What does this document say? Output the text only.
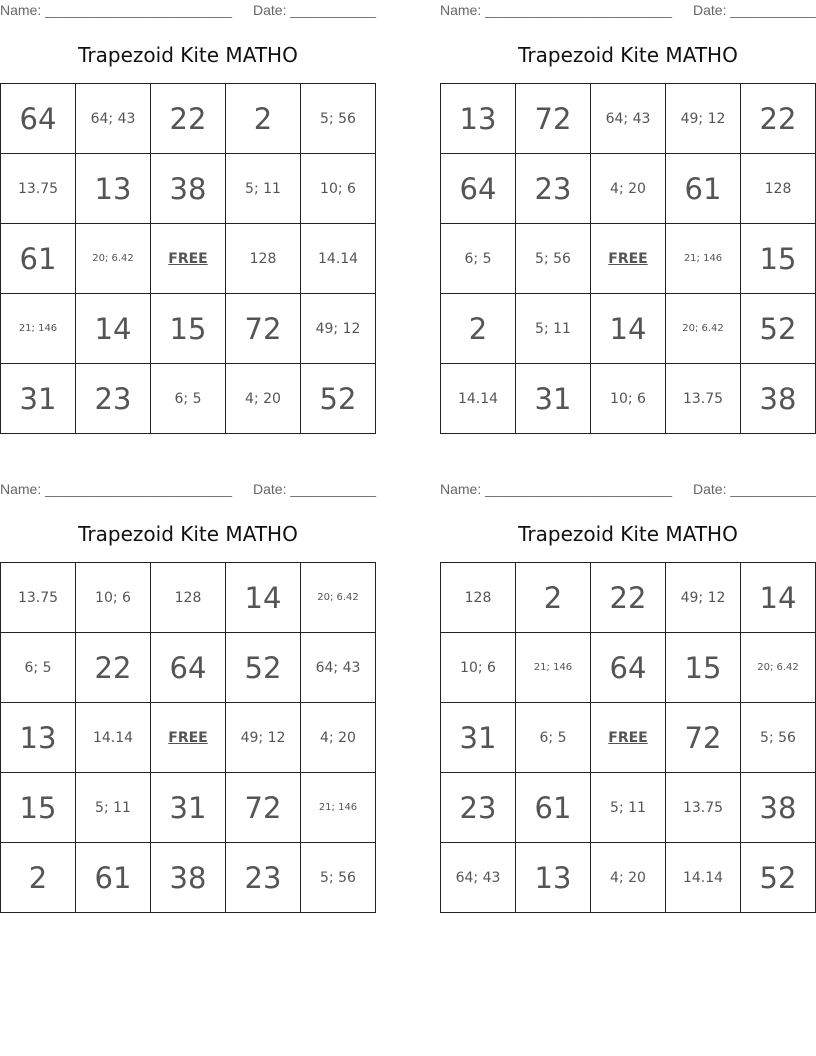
Name: ________________________ Date: ___________
Trapezoid Kite MATHO
64	64; 43	22	2	5; 56
13.75	13	38	5; 11	10; 6
61	20; 6.42	FREE	128	14.14
21; 146	14	15	72	49; 12
31	23	6; 5	4; 20	52
Name: ________________________ Date: ___________
Trapezoid Kite MATHO
13	72	64; 43	49; 12	22
64	23	4; 20	61	128
6; 5	5; 56	FREE	21; 146	15
2	5; 11	14	20; 6.42	52
14.14	31	10; 6	13.75	38
Name: ________________________ Date: ___________
Trapezoid Kite MATHO
13.75	10; 6	128	14	20; 6.42
6; 5	22	64	52	64; 43
13	14.14	FREE	49; 12	4; 20
15	5; 11	31	72	21; 146
2	61	38	23	5; 56
Name: ________________________ Date: ___________
Trapezoid Kite MATHO
128	2	22	49; 12	14
10; 6	21; 146	64	15	20; 6.42
31	6; 5	FREE	72	5; 56
23	61	5; 11	13.75	38
64; 43	13	4; 20	14.14	52
